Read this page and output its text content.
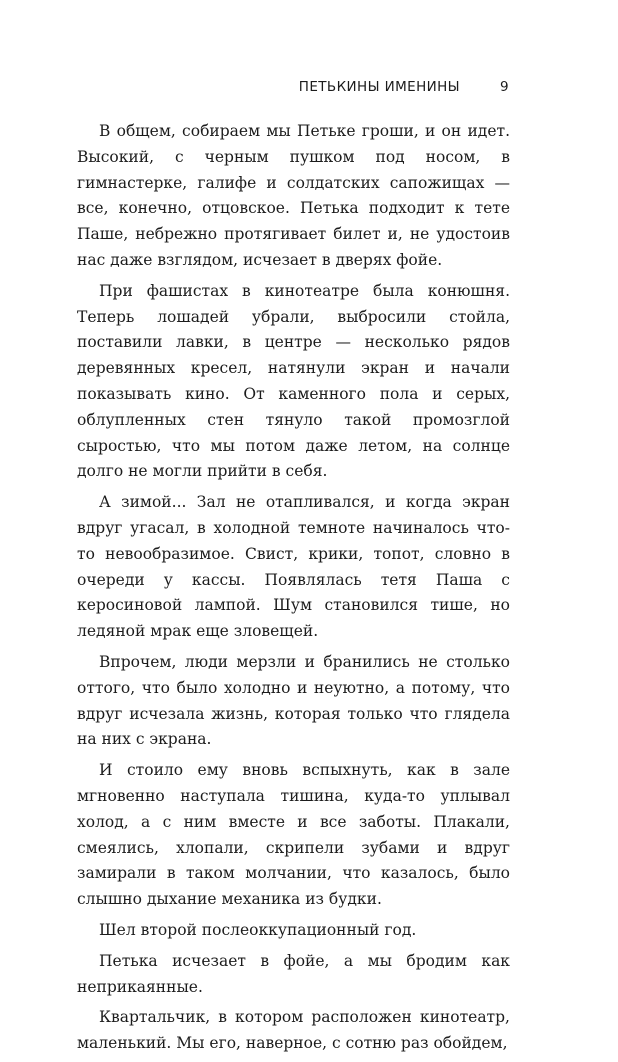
ПЕТЬКИНЫ ИМЕНИНЫ	9

В общем, собираем мы Петьке гроши, и он идет. Высокий, с черным пушком под носом, в гимнастерке, галифе и солдатских сапожищах — все, конечно, отцовское. Петька подходит к тете Паше, небрежно протягивает билет и, не удостоив нас даже взглядом, исчезает в дверях фойе.

При фашистах в кинотеатре была конюшня. Теперь лошадей убрали, выбросили стойла, поставили лавки, в центре — несколько рядов деревянных кресел, натянули экран и начали показывать кино. От каменного пола и серых, облупленных стен тянуло такой промозглой сыростью, что мы потом даже летом, на солнце долго не могли прийти в себя.

А зимой... Зал не отапливался, и когда экран вдруг угасал, в холодной темноте начиналось что-то невообразимое. Свист, крики, топот, словно в очереди у кассы. Появлялась тетя Паша с керосиновой лампой. Шум становился тише, но ледяной мрак еще зловещей.

Впрочем, люди мерзли и бранились не столько оттого, что было холодно и неуютно, а потому, что вдруг исчезала жизнь, которая только что глядела на них с экрана.

И стоило ему вновь вспыхнуть, как в зале мгновенно наступала тишина, куда-то уплывал холод, а с ним вместе и все заботы. Плакали, смеялись, хлопали, скрипели зубами и вдруг замирали в таком молчании, что казалось, было слышно дыхание механика из будки.

Шел второй послеоккупационный год.

Петька исчезает в фойе, а мы бродим как неприкаянные.

Квартальчик, в котором расположен кинотеатр, маленький. Мы его, наверное, с сотню раз обойдем,
